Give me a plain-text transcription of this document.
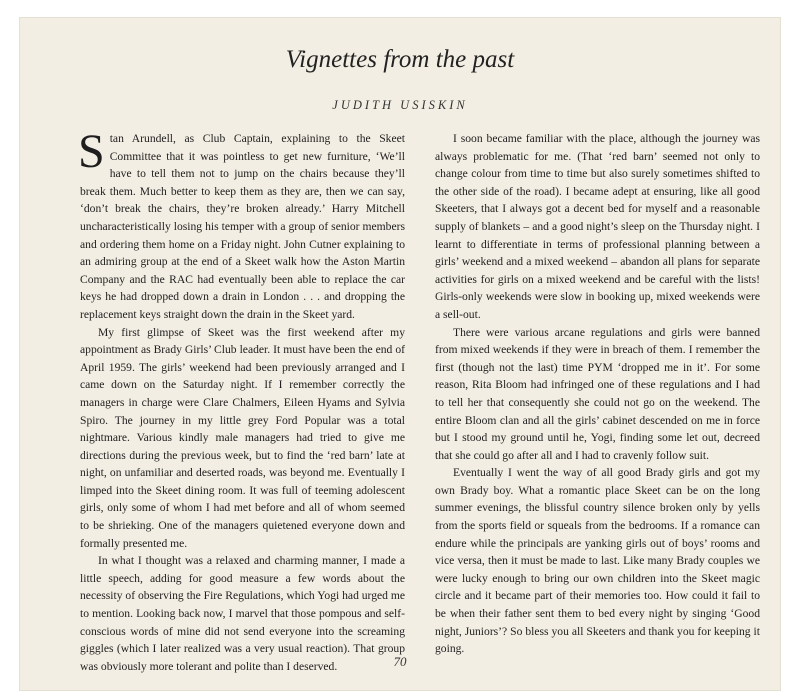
Vignettes from the past
JUDITH USISKIN

Stan Arundell, as Club Captain, explaining to the Skeet Committee that it was pointless to get new furniture, ‘We’ll have to tell them not to jump on the chairs because they’ll break them. Much better to keep them as they are, then we can say, ‘don’t break the chairs, they’re broken already.’ Harry Mitchell uncharacteristically losing his temper with a group of senior members and ordering them home on a Friday night. John Cutner explaining to an admiring group at the end of a Skeet walk how the Aston Martin Company and the RAC had eventually been able to replace the car keys he had dropped down a drain in London . . . and dropping the replacement keys straight down the drain in the Skeet yard.

My first glimpse of Skeet was the first weekend after my appointment as Brady Girls’ Club leader. It must have been the end of April 1959. The girls’ weekend had been previously arranged and I came down on the Saturday night. If I remember correctly the managers in charge were Clare Chalmers, Eileen Hyams and Sylvia Spiro. The journey in my little grey Ford Popular was a total nightmare. Various kindly male managers had tried to give me directions during the previous week, but to find the ‘red barn’ late at night, on unfamiliar and deserted roads, was beyond me. Eventually I limped into the Skeet dining room. It was full of teeming adolescent girls, only some of whom I had met before and all of whom seemed to be shrieking. One of the managers quietened everyone down and formally presented me.

In what I thought was a relaxed and charming manner, I made a little speech, adding for good measure a few words about the necessity of observing the Fire Regulations, which Yogi had urged me to mention. Looking back now, I marvel that those pompous and self-conscious words of mine did not send everyone into the screaming giggles (which I later realized was a very usual reaction). That group was obviously more tolerant and polite than I deserved.

I soon became familiar with the place, although the journey was always problematic for me. (That ‘red barn’ seemed not only to change colour from time to time but also surely sometimes shifted to the other side of the road). I became adept at ensuring, like all good Skeeters, that I always got a decent bed for myself and a reasonable supply of blankets – and a good night’s sleep on the Thursday night. I learnt to differentiate in terms of professional planning between a girls’ weekend and a mixed weekend – abandon all plans for separate activities for girls on a mixed weekend and be careful with the lists! Girls-only weekends were slow in booking up, mixed weekends were a sell-out.

There were various arcane regulations and girls were banned from mixed weekends if they were in breach of them. I remember the first (though not the last) time PYM ‘dropped me in it’. For some reason, Rita Bloom had infringed one of these regulations and I had to tell her that consequently she could not go on the weekend. The entire Bloom clan and all the girls’ cabinet descended on me in force but I stood my ground until he, Yogi, finding some let out, decreed that she could go after all and I had to cravenly follow suit.

Eventually I went the way of all good Brady girls and got my own Brady boy. What a romantic place Skeet can be on the long summer evenings, the blissful country silence broken only by yells from the sports field or squeals from the bedrooms. If a romance can endure while the principals are yanking girls out of boys’ rooms and vice versa, then it must be made to last. Like many Brady couples we were lucky enough to bring our own children into the Skeet magic circle and it became part of their memories too. How could it fail to be when their father sent them to bed every night by singing ‘Good night, Juniors’? So bless you all Skeeters and thank you for keeping it going.

70
